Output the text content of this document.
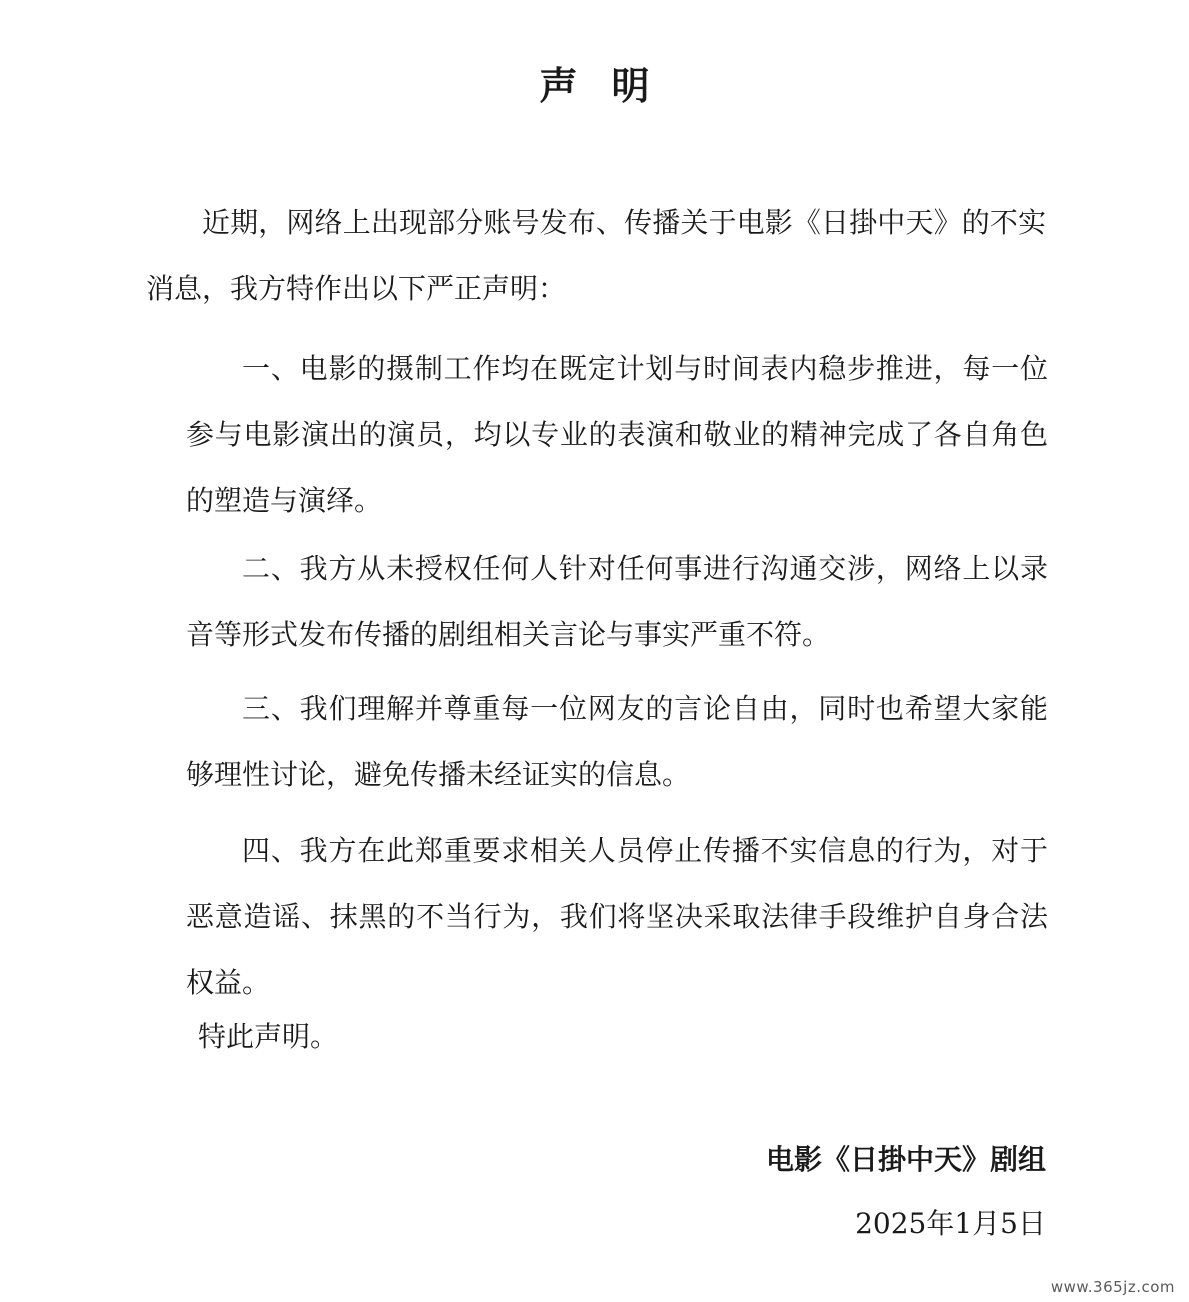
声明

近期，网络上出现部分账号发布、传播关于电影《日掛中天》的不实消息，我方特作出以下严正声明：

一、电影的摄制工作均在既定计划与时间表内稳步推进，每一位参与电影演出的演员，均以专业的表演和敬业的精神完成了各自角色的塑造与演绎。

二、我方从未授权任何人针对任何事进行沟通交涉，网络上以录音等形式发布传播的剧组相关言论与事实严重不符。

三、我们理解并尊重每一位网友的言论自由，同时也希望大家能够理性讨论，避免传播未经证实的信息。

四、我方在此郑重要求相关人员停止传播不实信息的行为，对于恶意造谣、抹黑的不当行为，我们将坚决采取法律手段维护自身合法权益。

特此声明。
电影《日掛中天》剧组
2025年1月5日
www.365jz.com
